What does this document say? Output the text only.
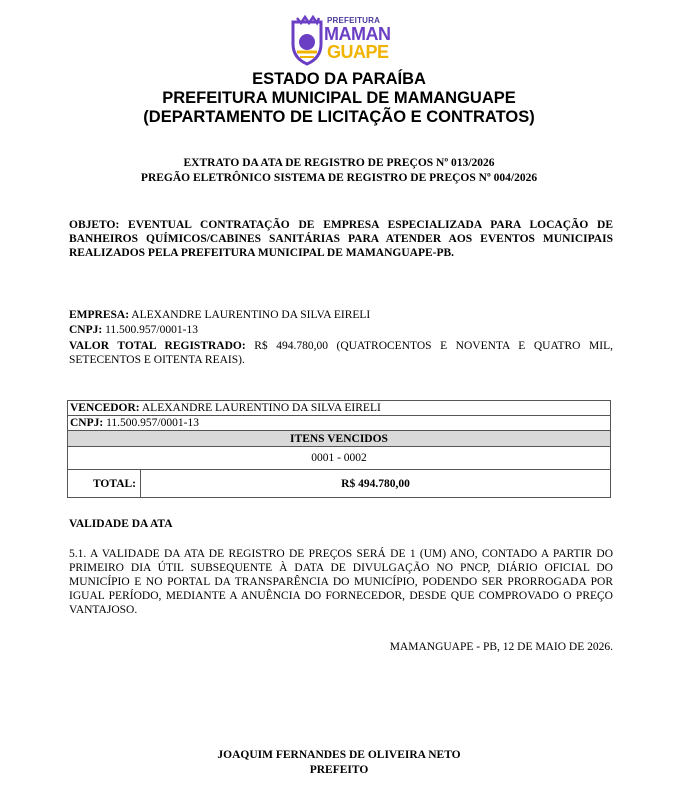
PREFEITURA
MAMAN
GUAPE
ESTADO DA PARAÍBA
PREFEITURA MUNICIPAL DE MAMANGUAPE
(DEPARTAMENTO DE LICITAÇÃO E CONTRATOS)
EXTRATO DA ATA DE REGISTRO DE PREÇOS Nº 013/2026
PREGÃO ELETRÔNICO SISTEMA DE REGISTRO DE PREÇOS Nº 004/2026
OBJETO: EVENTUAL CONTRATAÇÃO DE EMPRESA ESPECIALIZADA PARA LOCAÇÃO DE BANHEIROS QUÍMICOS/CABINES SANITÁRIAS PARA ATENDER AOS EVENTOS MUNICIPAIS REALIZADOS PELA PREFEITURA MUNICIPAL DE MAMANGUAPE-PB.
EMPRESA: ALEXANDRE LAURENTINO DA SILVA EIRELI
CNPJ: 11.500.957/0001-13
VALOR TOTAL REGISTRADO: R$ 494.780,00 (QUATROCENTOS E NOVENTA E QUATRO MIL, SETECENTOS E OITENTA REAIS).
VENCEDOR: ALEXANDRE LAURENTINO DA SILVA EIRELI
CNPJ: 11.500.957/0001-13
ITENS VENCIDOS
0001 - 0002
TOTAL:	R$ 494.780,00
VALIDADE DA ATA
5.1. A VALIDADE DA ATA DE REGISTRO DE PREÇOS SERÁ DE 1 (UM) ANO, CONTADO A PARTIR DO PRIMEIRO DIA ÚTIL SUBSEQUENTE À DATA DE DIVULGAÇÃO NO PNCP, DIÁRIO OFICIAL DO MUNICÍPIO E NO PORTAL DA TRANSPARÊNCIA DO MUNICÍPIO, PODENDO SER PRORROGADA POR IGUAL PERÍODO, MEDIANTE A ANUÊNCIA DO FORNECEDOR, DESDE QUE COMPROVADO O PREÇO VANTAJOSO.
MAMANGUAPE - PB, 12 DE MAIO DE 2026.
JOAQUIM FERNANDES DE OLIVEIRA NETO
PREFEITO
